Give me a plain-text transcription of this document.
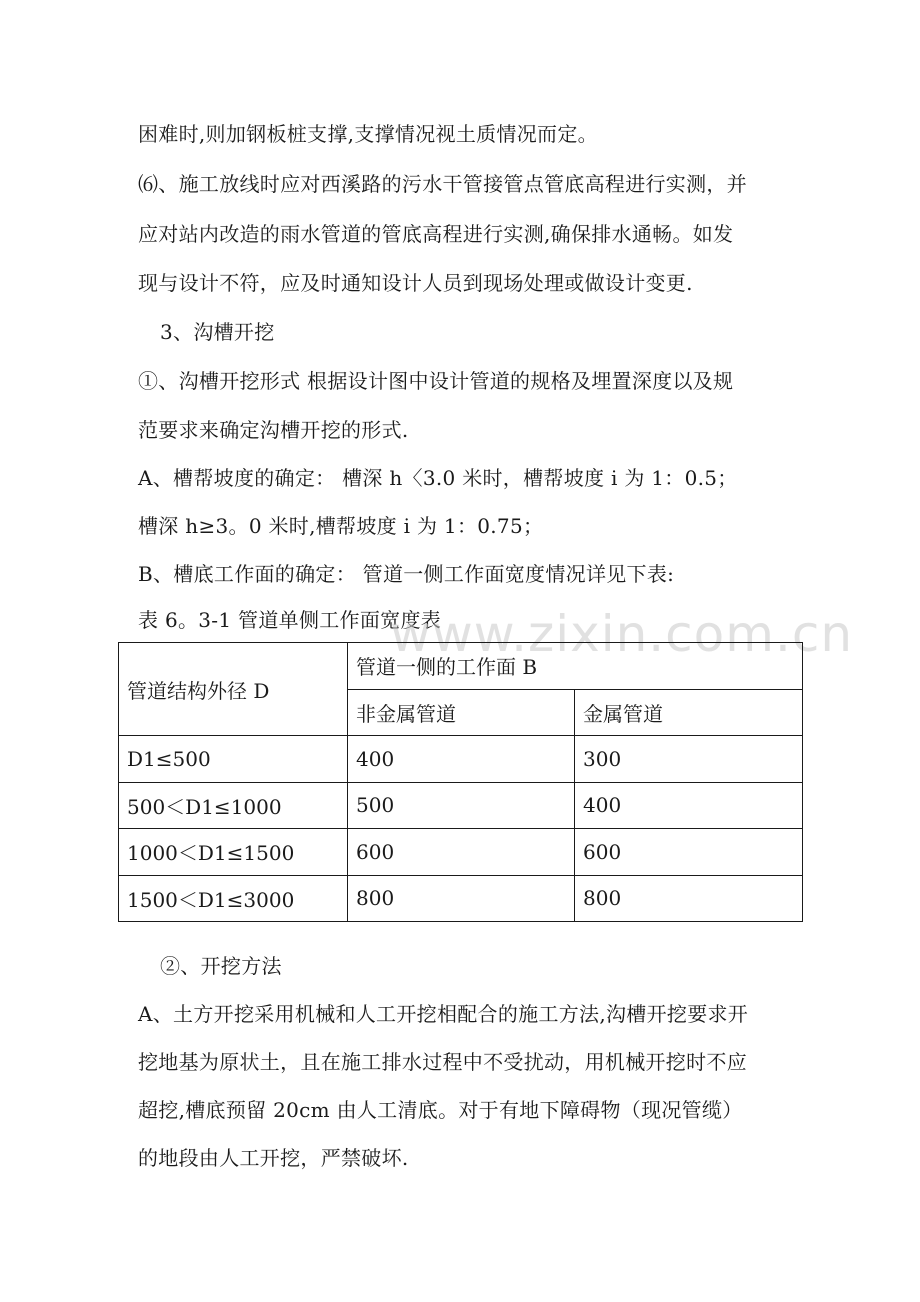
困难时,则加钢板桩支撑,支撑情况视土质情况而定。
⑹、施工放线时应对西溪路的污水干管接管点管底高程进行实测，并
应对站内改造的雨水管道的管底高程进行实测,确保排水通畅。如发
现与设计不符，应及时通知设计人员到现场处理或做设计变更.
3、沟槽开挖
①、沟槽开挖形式 根据设计图中设计管道的规格及埋置深度以及规
范要求来确定沟槽开挖的形式.
A、槽帮坡度的确定： 槽深 h〈3.0 米时，槽帮坡度 i 为 1：0.5；
槽深 h≥3。0 米时,槽帮坡度 i 为 1：0.75；
B、槽底工作面的确定： 管道一侧工作面宽度情况详见下表:
表 6。3-1 管道单侧工作面宽度表
www.zixin.com.cn
管道结构外径 D	管道一侧的工作面 B	
	非金属管道	金属管道
D1≤500	400	300
500＜D1≤1000	500	400
1000＜D1≤1500	600	600
1500＜D1≤3000	800	800
②、开挖方法
A、土方开挖采用机械和人工开挖相配合的施工方法,沟槽开挖要求开
挖地基为原状土，且在施工排水过程中不受扰动，用机械开挖时不应
超挖,槽底预留 20cm 由人工清底。对于有地下障碍物（现况管缆）
的地段由人工开挖，严禁破坏.
